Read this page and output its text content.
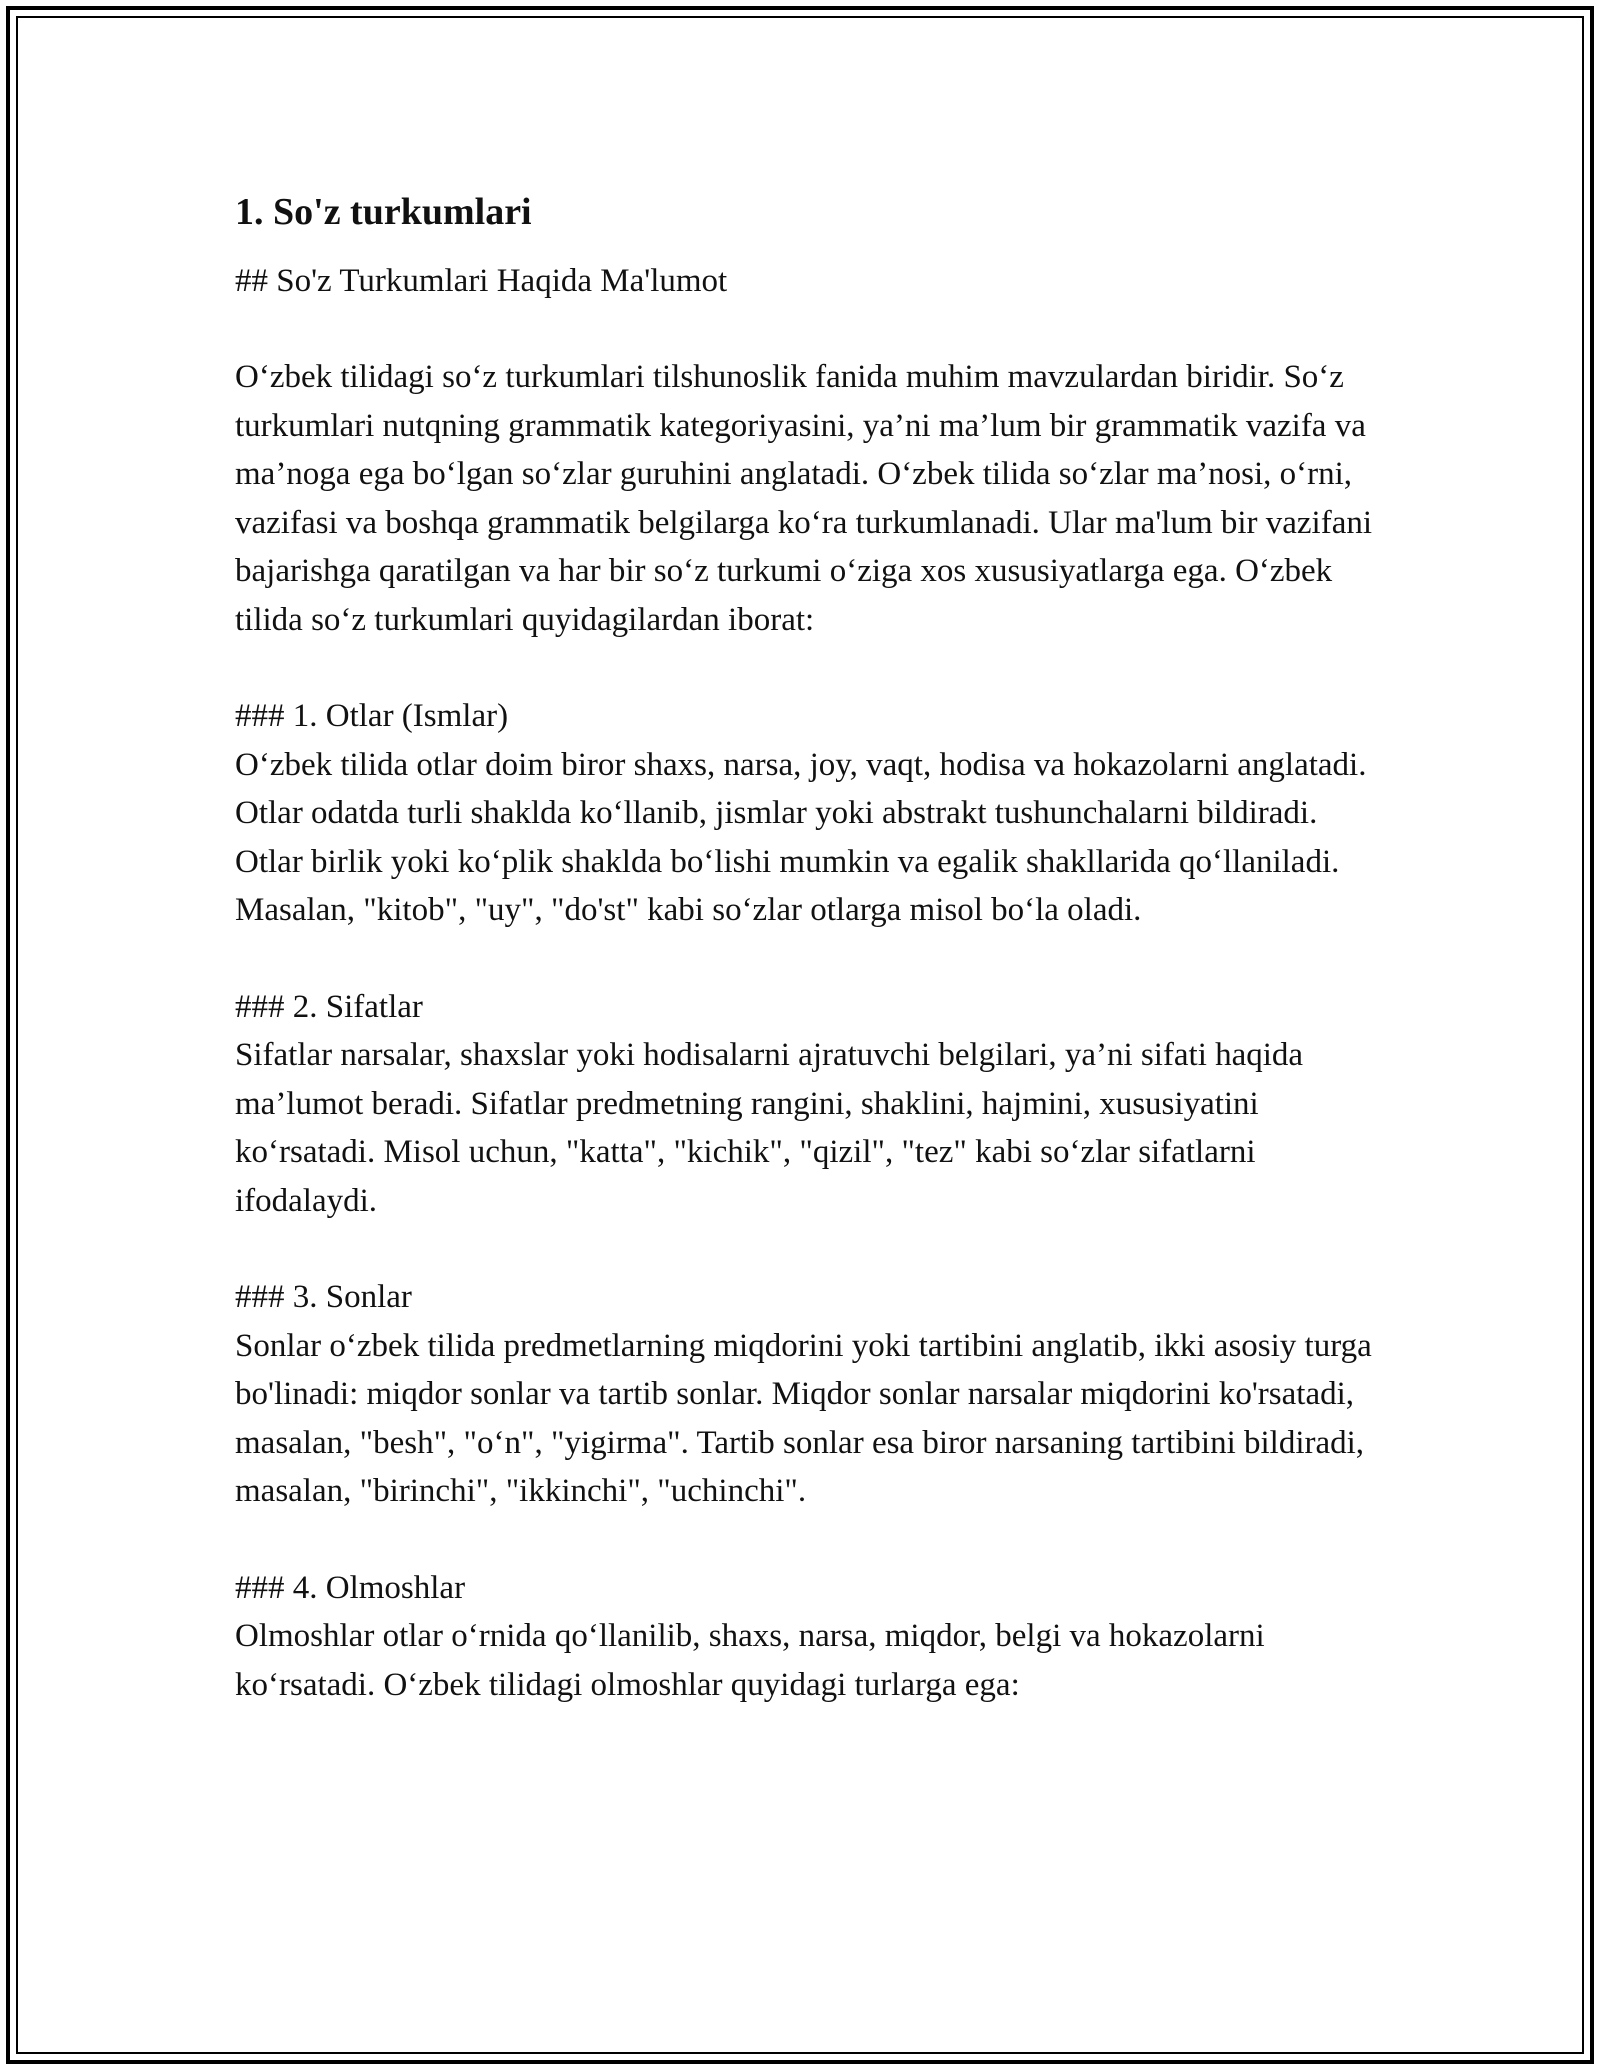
1. So'z turkumlari
## So'z Turkumlari Haqida Ma'lumot
O‘zbek tilidagi so‘z turkumlari tilshunoslik fanida muhim mavzulardan biridir. So‘z turkumlari nutqning grammatik kategoriyasini, ya’ni ma’lum bir grammatik vazifa va ma’noga ega bo‘lgan so‘zlar guruhini anglatadi. O‘zbek tilida so‘zlar ma’nosi, o‘rni, vazifasi va boshqa grammatik belgilarga ko‘ra turkumlanadi. Ular ma'lum bir vazifani bajarishga qaratilgan va har bir so‘z turkumi o‘ziga xos xususiyatlarga ega. O‘zbek tilida so‘z turkumlari quyidagilardan iborat:
### 1. Otlar (Ismlar)
O‘zbek tilida otlar doim biror shaxs, narsa, joy, vaqt, hodisa va hokazolarni anglatadi. Otlar odatda turli shaklda ko‘llanib, jismlar yoki abstrakt tushunchalarni bildiradi. Otlar birlik yoki ko‘plik shaklda bo‘lishi mumkin va egalik shakllarida qo‘llaniladi. Masalan, "kitob", "uy", "do'st" kabi so‘zlar otlarga misol bo‘la oladi.
### 2. Sifatlar
Sifatlar narsalar, shaxslar yoki hodisalarni ajratuvchi belgilari, ya’ni sifati haqida ma’lumot beradi. Sifatlar predmetning rangini, shaklini, hajmini, xususiyatini ko‘rsatadi. Misol uchun, "katta", "kichik", "qizil", "tez" kabi so‘zlar sifatlarni ifodalaydi.
### 3. Sonlar
Sonlar o‘zbek tilida predmetlarning miqdorini yoki tartibini anglatib, ikki asosiy turga bo'linadi: miqdor sonlar va tartib sonlar. Miqdor sonlar narsalar miqdorini ko'rsatadi, masalan, "besh", "o‘n", "yigirma". Tartib sonlar esa biror narsaning tartibini bildiradi, masalan, "birinchi", "ikkinchi", "uchinchi".
### 4. Olmoshlar
Olmoshlar otlar o‘rnida qo‘llanilib, shaxs, narsa, miqdor, belgi va hokazolarni ko‘rsatadi. O‘zbek tilidagi olmoshlar quyidagi turlarga ega:
